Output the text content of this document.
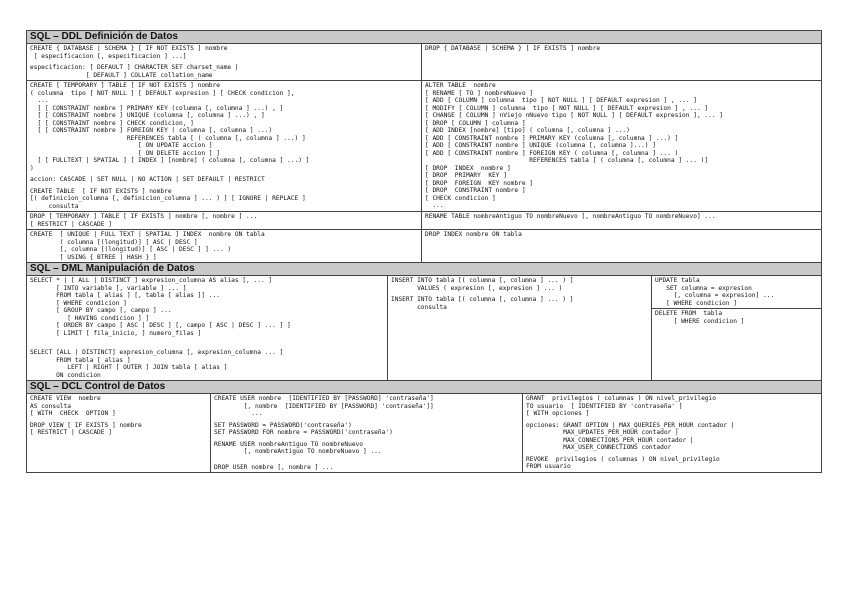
SQL – DDL Definición de Datos
CREATE { DATABASE | SCHEMA } [ IF NOT EXISTS ] nombre
[ especificacion [, especificacion ] ...]
especificacion: [ DEFAULT ] CHARACTER SET charset_name |
[ DEFAULT ] COLLATE collation_name
DROP { DATABASE | SCHEMA } [ IF EXISTS ] nombre
CREATE [ TEMPORARY ] TABLE [ IF NOT EXISTS ] nombre
( columna  tipo [ NOT NULL ] [ DEFAULT expresion ] [ CHECK condicion ],
...
[ [ CONSTRAINT nombre ] PRIMARY KEY (columna [, columna ] ...) , ]
[ [ CONSTRAINT nombre ] UNIQUE (columna [, columna ] ...) , ]
[ [ CONSTRAINT nombre ] CHECK condicion, ]
[ [ CONSTRAINT nombre ] FOREIGN KEY ( columna [, columna ] ...)
REFERENCES tabla [ ( columna [, columna ] ...) ]
[ ON UPDATE accion ]
[ ON DELETE accion ] ]
[ [ FULLTEXT | SPATIAL ] [ INDEX ] [nombre] ( columna [, columna ] ...) ]
)
accion: CASCADE | SET NULL | NO ACTION | SET DEFAULT | RESTRICT
CREATE TABLE  [ IF NOT EXISTS ] nombre
[( definicion_columna [, definicion_columna ] ... ) ] [ IGNORE | REPLACE ]
consulta
ALTER TABLE  nombre
[ RENAME [ TO ] nombreNuevo ]
[ ADD [ COLUMN ] columna  tipo [ NOT NULL ] [ DEFAULT expresion ] , ... ]
[ MODIFY [ COLUMN ] columna  tipo [ NOT NULL ] [ DEFAULT expresion ] , ... ]
[ CHANGE [ COLUMN ] nViejo nNuevo tipo [ NOT NULL ] [ DEFAULT expresion ], ... ]
[ DROP [ COLUMN ] columna ]
[ ADD INDEX [nombre] [tipo] ( columna [, columna ] ...)
[ ADD [ CONSTRAINT nombre ] PRIMARY KEY (columna [, columna ] ...) ]
[ ADD [ CONSTRAINT nombre ] UNIQUE (columna [, columna ]...) ]
[ ADD [ CONSTRAINT nombre ] FOREIGN KEY ( columna [, columna ] ... )
REFERENCES tabla [ ( columna [, columna ] ... )]
[ DROP  INDEX  nombre ]
[ DROP  PRIMARY  KEY ]
[ DROP  FOREIGN  KEY nombre ]
[ DROP  CONSTRAINT nombre ]
[ CHECK condicion ]
...
DROP [ TEMPORARY ] TABLE [ IF EXISTS ] nombre [, nombre ] ...
[ RESTRICT | CASCADE ]
RENAME TABLE nombreAntiguo TO nombreNuevo [, nombreAntiguo TO nombreNuevo] ...
CREATE  [ UNIQUE | FULL TEXT | SPATIAL ] INDEX  nombre ON tabla
( columna [(longitud)] [ ASC | DESC ]
[, columna [(longitud)] [ ASC | DESC ] ] ... )
[ USING { BTREE | HASH } ]
DROP INDEX nombre ON tabla
SQL – DML Manipulación de Datos
SELECT * | [ ALL | DISTINCT ] expresion_columna AS alias [, ... ]
[ INTO variable [, variable ] ... ]
FROM tabla [ alias ] [, tabla [ alias ]] ...
[ WHERE condicion ]
[ GROUP BY campo [, campo ] ...
[ HAVING condicion ] ]
[ ORDER BY campo [ ASC | DESC ] [, campo [ ASC | DESC ] ... ] ]
[ LIMIT [ fila_inicio, ] numero_filas ]
SELECT [ALL | DISTINCT] expresion_columna [, expresion_columna ... ]
FROM tabla [ alias ]
LEFT | RIGHT [ OUTER ] JOIN tabla [ alias ]
ON condicion
INSERT INTO tabla [( columna [, columna ] ... ) ]
VALUES ( expresion [, expresion ] ... )
INSERT INTO tabla [( columna [, columna ] ... ) ]
consulta
UPDATE tabla
SET columna = expresion
[, columna = expresion] ...
[ WHERE condicion ]
DELETE FROM  tabla
[ WHERE condicion ]
SQL – DCL Control de Datos
CREATE VIEW  nombre
AS consulta
[ WITH  CHECK  OPTION ]
DROP VIEW [ IF EXISTS ] nombre
[ RESTRICT | CASCADE ]
CREATE USER nombre  [IDENTIFIED BY [PASSWORD] 'contraseña']
[, nombre  [IDENTIFIED BY [PASSWORD] 'contraseña']]
...
SET PASSWORD = PASSWORD('contraseña')
SET PASSWORD FOR nombre = PASSWORD('contraseña')
RENAME USER nombreAntiguo TO nombreNuevo
[, nombreAntiguo TO nombreNuevo ] ...
DROP USER nombre [, nombre ] ...
GRANT  privilegios ( columnas ) ON nivel_privilegio
TO usuario  [ IDENTIFIED BY 'contraseña' ]
[ WITH opciones ]
opciones: GRANT OPTION | MAX_QUERIES_PER_HOUR contador |
MAX_UPDATES_PER_HOUR contador |
MAX_CONNECTIONS_PER_HOUR contador |
MAX_USER_CONNECTIONS contador
REVOKE  privilegios ( columnas ) ON nivel_privilegio
FROM usuario
